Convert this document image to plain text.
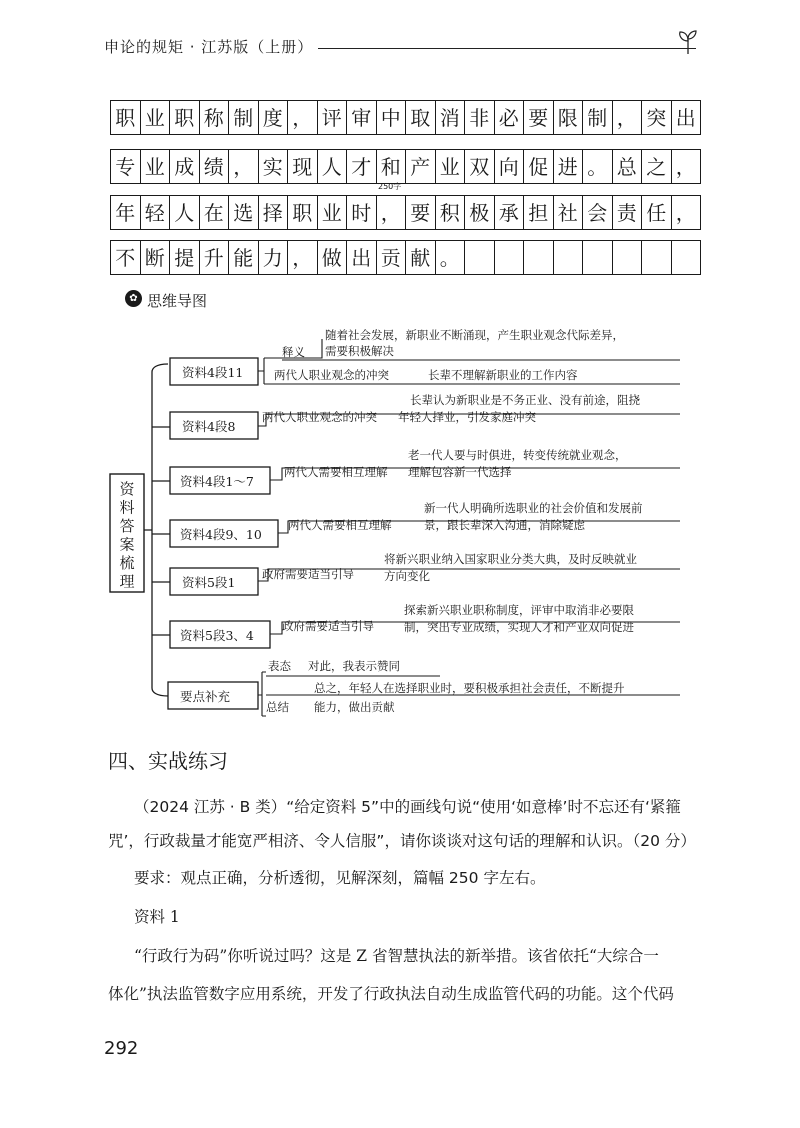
申论的规矩 · 江苏版（上册）
职 业 职 称 制 度 ， 评 审 中 取 消 非 必 要 限 制 ， 突 出
专 业 成 绩 ， 实 现 人 才 和 产 业 双 向 促 进 。 总 之 ，
年 轻 人 在 选 择 职 业 时 ， 要 积 极 承 担 社 会 责 任 ，
不 断 提 升 能 力 ， 做 出 贡 献 。
250字
✿ 思维导图
资料答案梳理
资料4段11
资料4段8
资料4段1～7
资料4段9、10
资料5段1
资料5段3、4
要点补充
释义
随着社会发展，新职业不断涌现，产生职业观念代际差异，
需要积极解决
两代人职业观念的冲突	长辈不理解新职业的工作内容
两代人职业观念的冲突
长辈认为新职业是不务正业、没有前途，阻挠
年轻人择业，引发家庭冲突
两代人需要相互理解
老一代人要与时俱进，转变传统就业观念，
理解包容新一代选择
两代人需要相互理解
新一代人明确所选职业的社会价值和发展前
景，跟长辈深入沟通，消除疑虑
政府需要适当引导
将新兴职业纳入国家职业分类大典，及时反映就业
方向变化
政府需要适当引导
探索新兴职业职称制度，评审中取消非必要限
制，突出专业成绩，实现人才和产业双向促进
表态 对此，我表示赞同
总之，年轻人在选择职业时，要积极承担社会责任，不断提升
总结 能力，做出贡献
四、实战练习
（2024 江苏 · B 类）“给定资料 5”中的画线句说“使用‘如意棒’时不忘还有‘紧箍
咒’，行政裁量才能宽严相济、令人信服”，请你谈谈对这句话的理解和认识。（20 分）
要求：观点正确，分析透彻，见解深刻，篇幅 250 字左右。
资料 1
“行政行为码”你听说过吗？这是 Z 省智慧执法的新举措。该省依托“大综合一
体化”执法监管数字应用系统，开发了行政执法自动生成监管代码的功能。这个代码
292
